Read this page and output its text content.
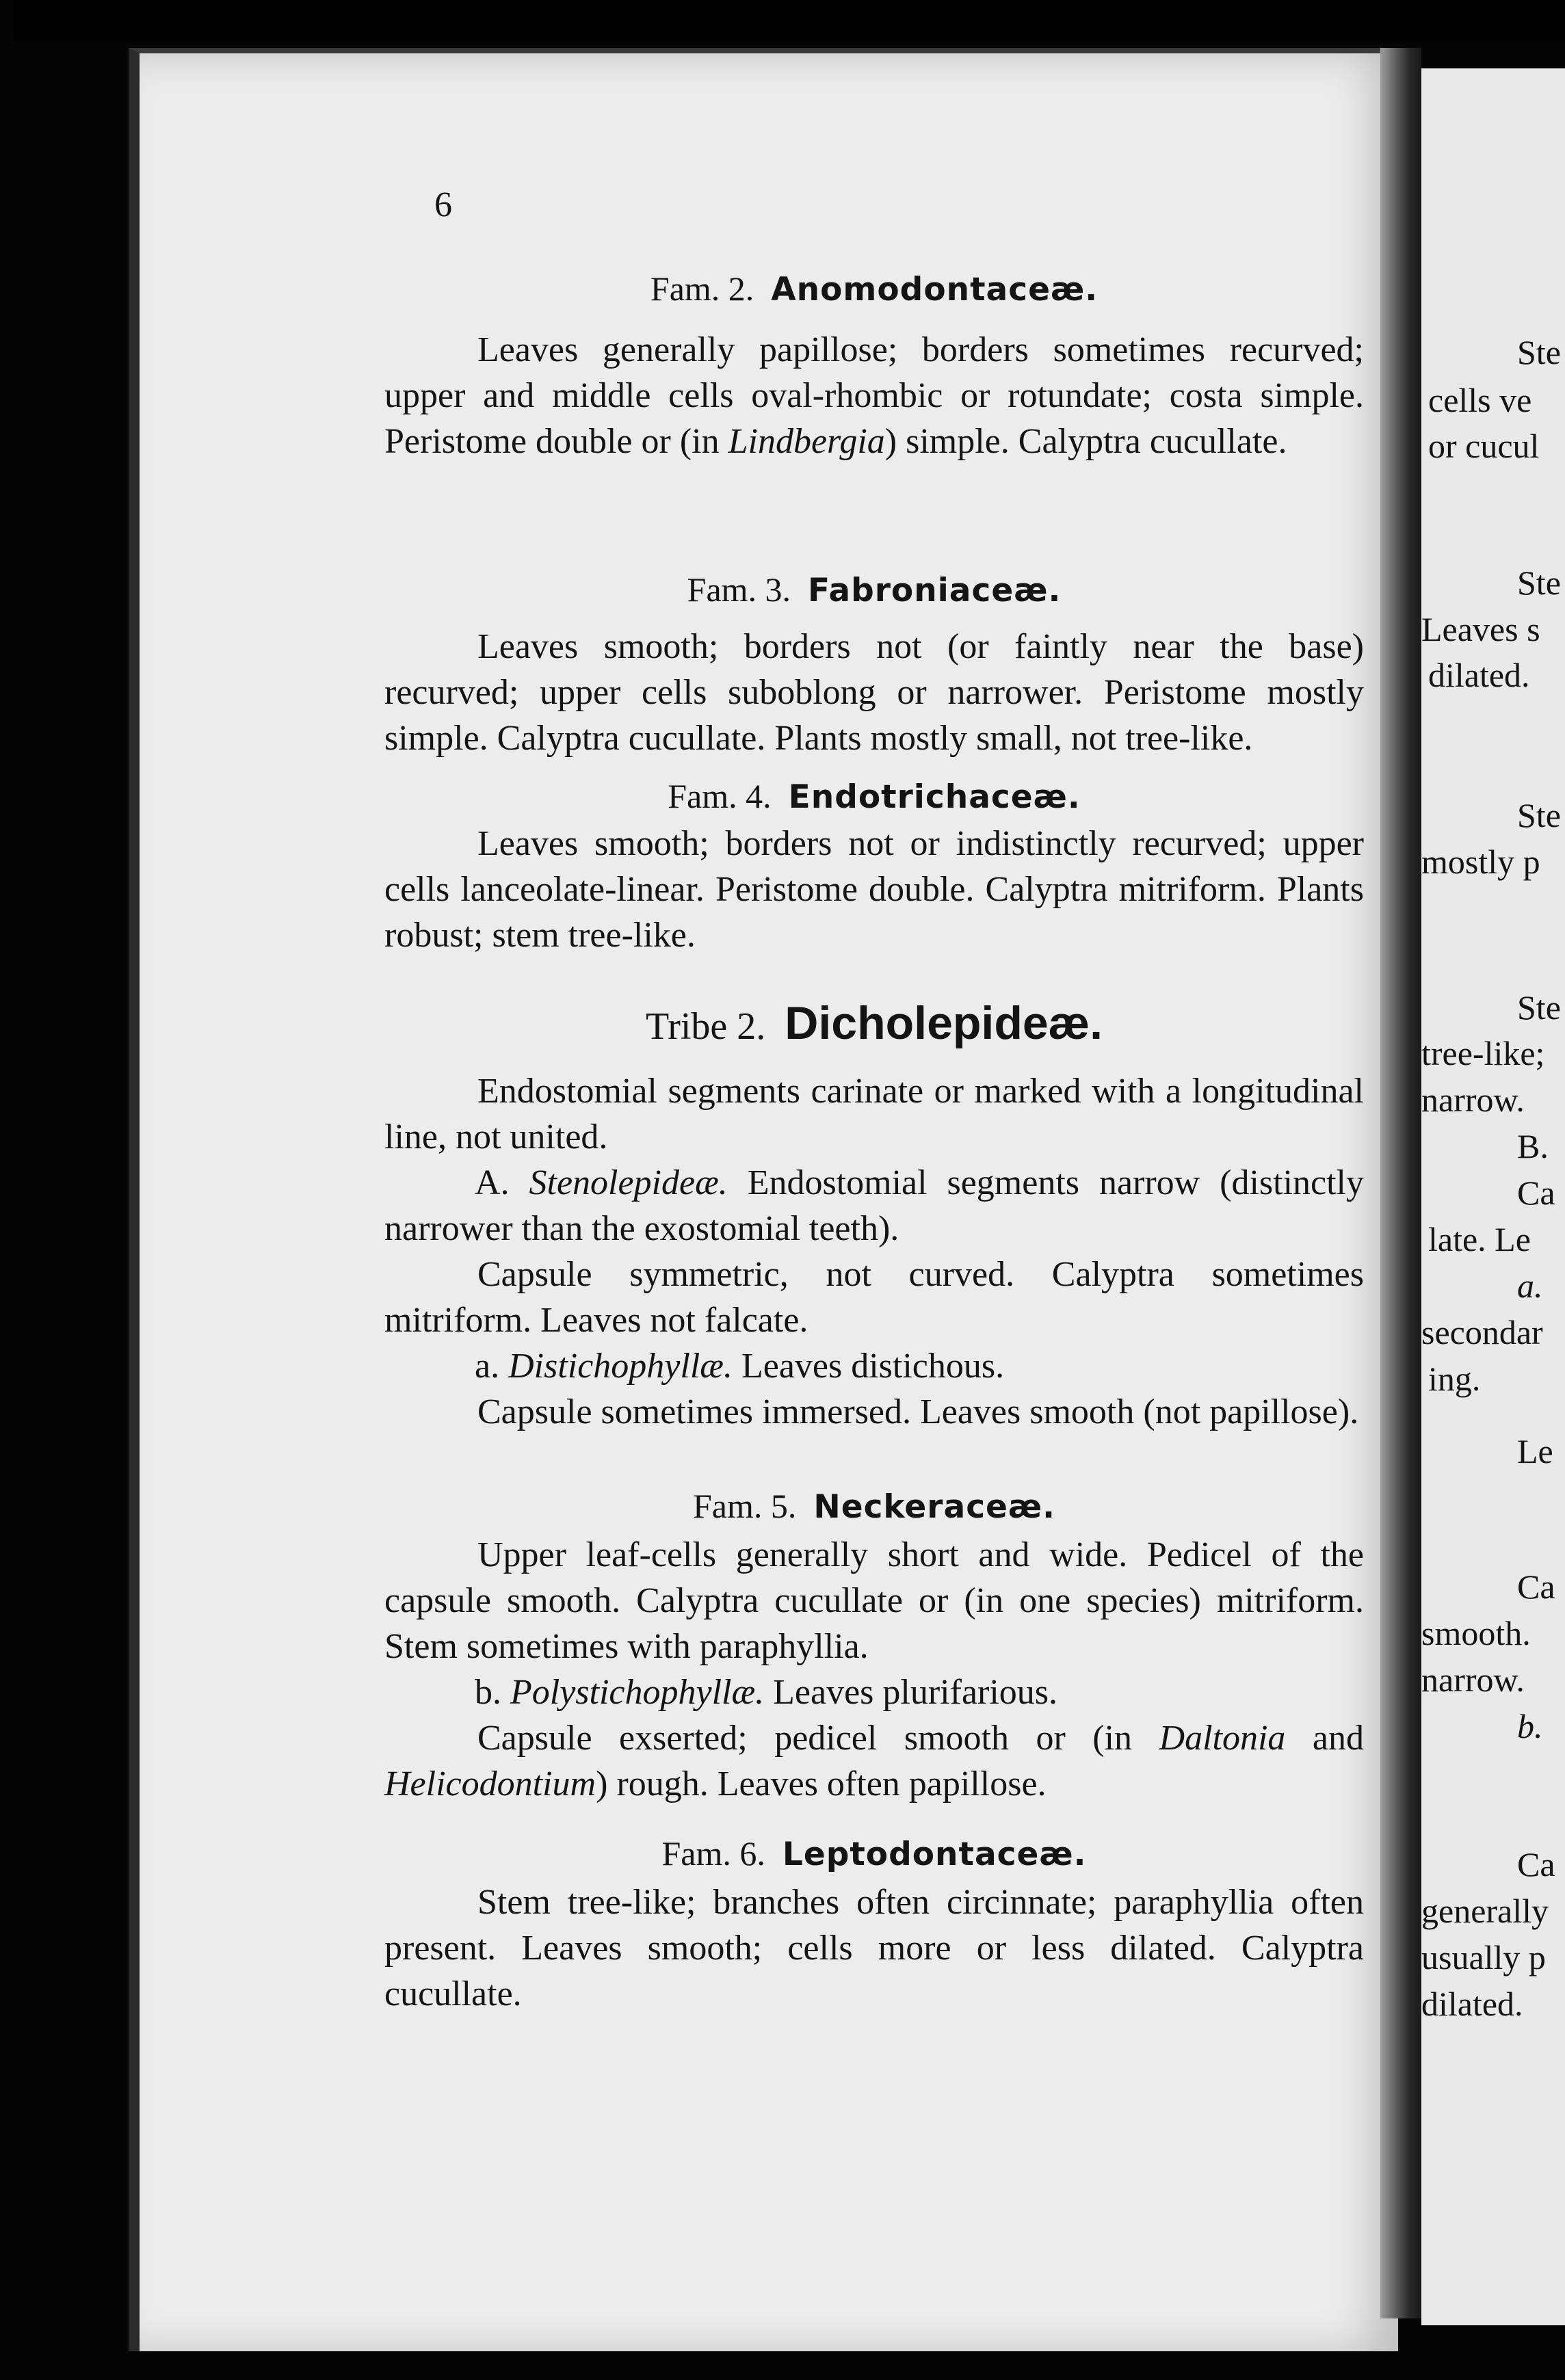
6
Fam. 2. Anomodontaceæ.

Leaves generally papillose; borders sometimes recurved; upper and middle cells oval-rhombic or rotundate; costa simple. Peristome double or (in Lindbergia) simple. Calyptra cucullate.

Fam. 3. Fabroniaceæ.

Leaves smooth; borders not (or faintly near the base) recurved; upper cells suboblong or narrower. Peristome mostly simple. Calyptra cucullate. Plants mostly small, not tree-like.

Fam. 4. Endotrichaceæ.

Leaves smooth; borders not or indistinctly recurved; upper cells lanceolate-linear. Peristome double. Calyptra mitriform. Plants robust; stem tree-like.

Tribe 2. Dicholepideæ.

Endostomial segments carinate or marked with a longitudinal line, not united.

A. Stenolepideæ. Endostomial segments narrow (distinctly narrower than the exostomial teeth).

Capsule symmetric, not curved. Calyptra sometimes mitriform. Leaves not falcate.

a. Distichophyllæ. Leaves distichous.

Capsule sometimes immersed. Leaves smooth (not papillose).

Fam. 5. Neckeraceæ.

Upper leaf-cells generally short and wide. Pedicel of the capsule smooth. Calyptra cucullate or (in one species) mitriform. Stem sometimes with paraphyllia.

b. Polystichophyllæ. Leaves plurifarious.

Capsule exserted; pedicel smooth or (in Daltonia and Helicodontium) rough. Leaves often papillose.

Fam. 6. Leptodontaceæ.

Stem tree-like; branches often circinnate; paraphyllia often present. Leaves smooth; cells more or less dilated. Calyptra cucullate.

Ste
cells ve
or cucul
Ste
Leaves s
dilated.
Ste
mostly p
Ste
tree-like;
narrow.
B.
Ca
late. Le
a.
secondar
ing.
Le
Ca
smooth.
narrow.
b.
Ca
generally
usually p
dilated.
